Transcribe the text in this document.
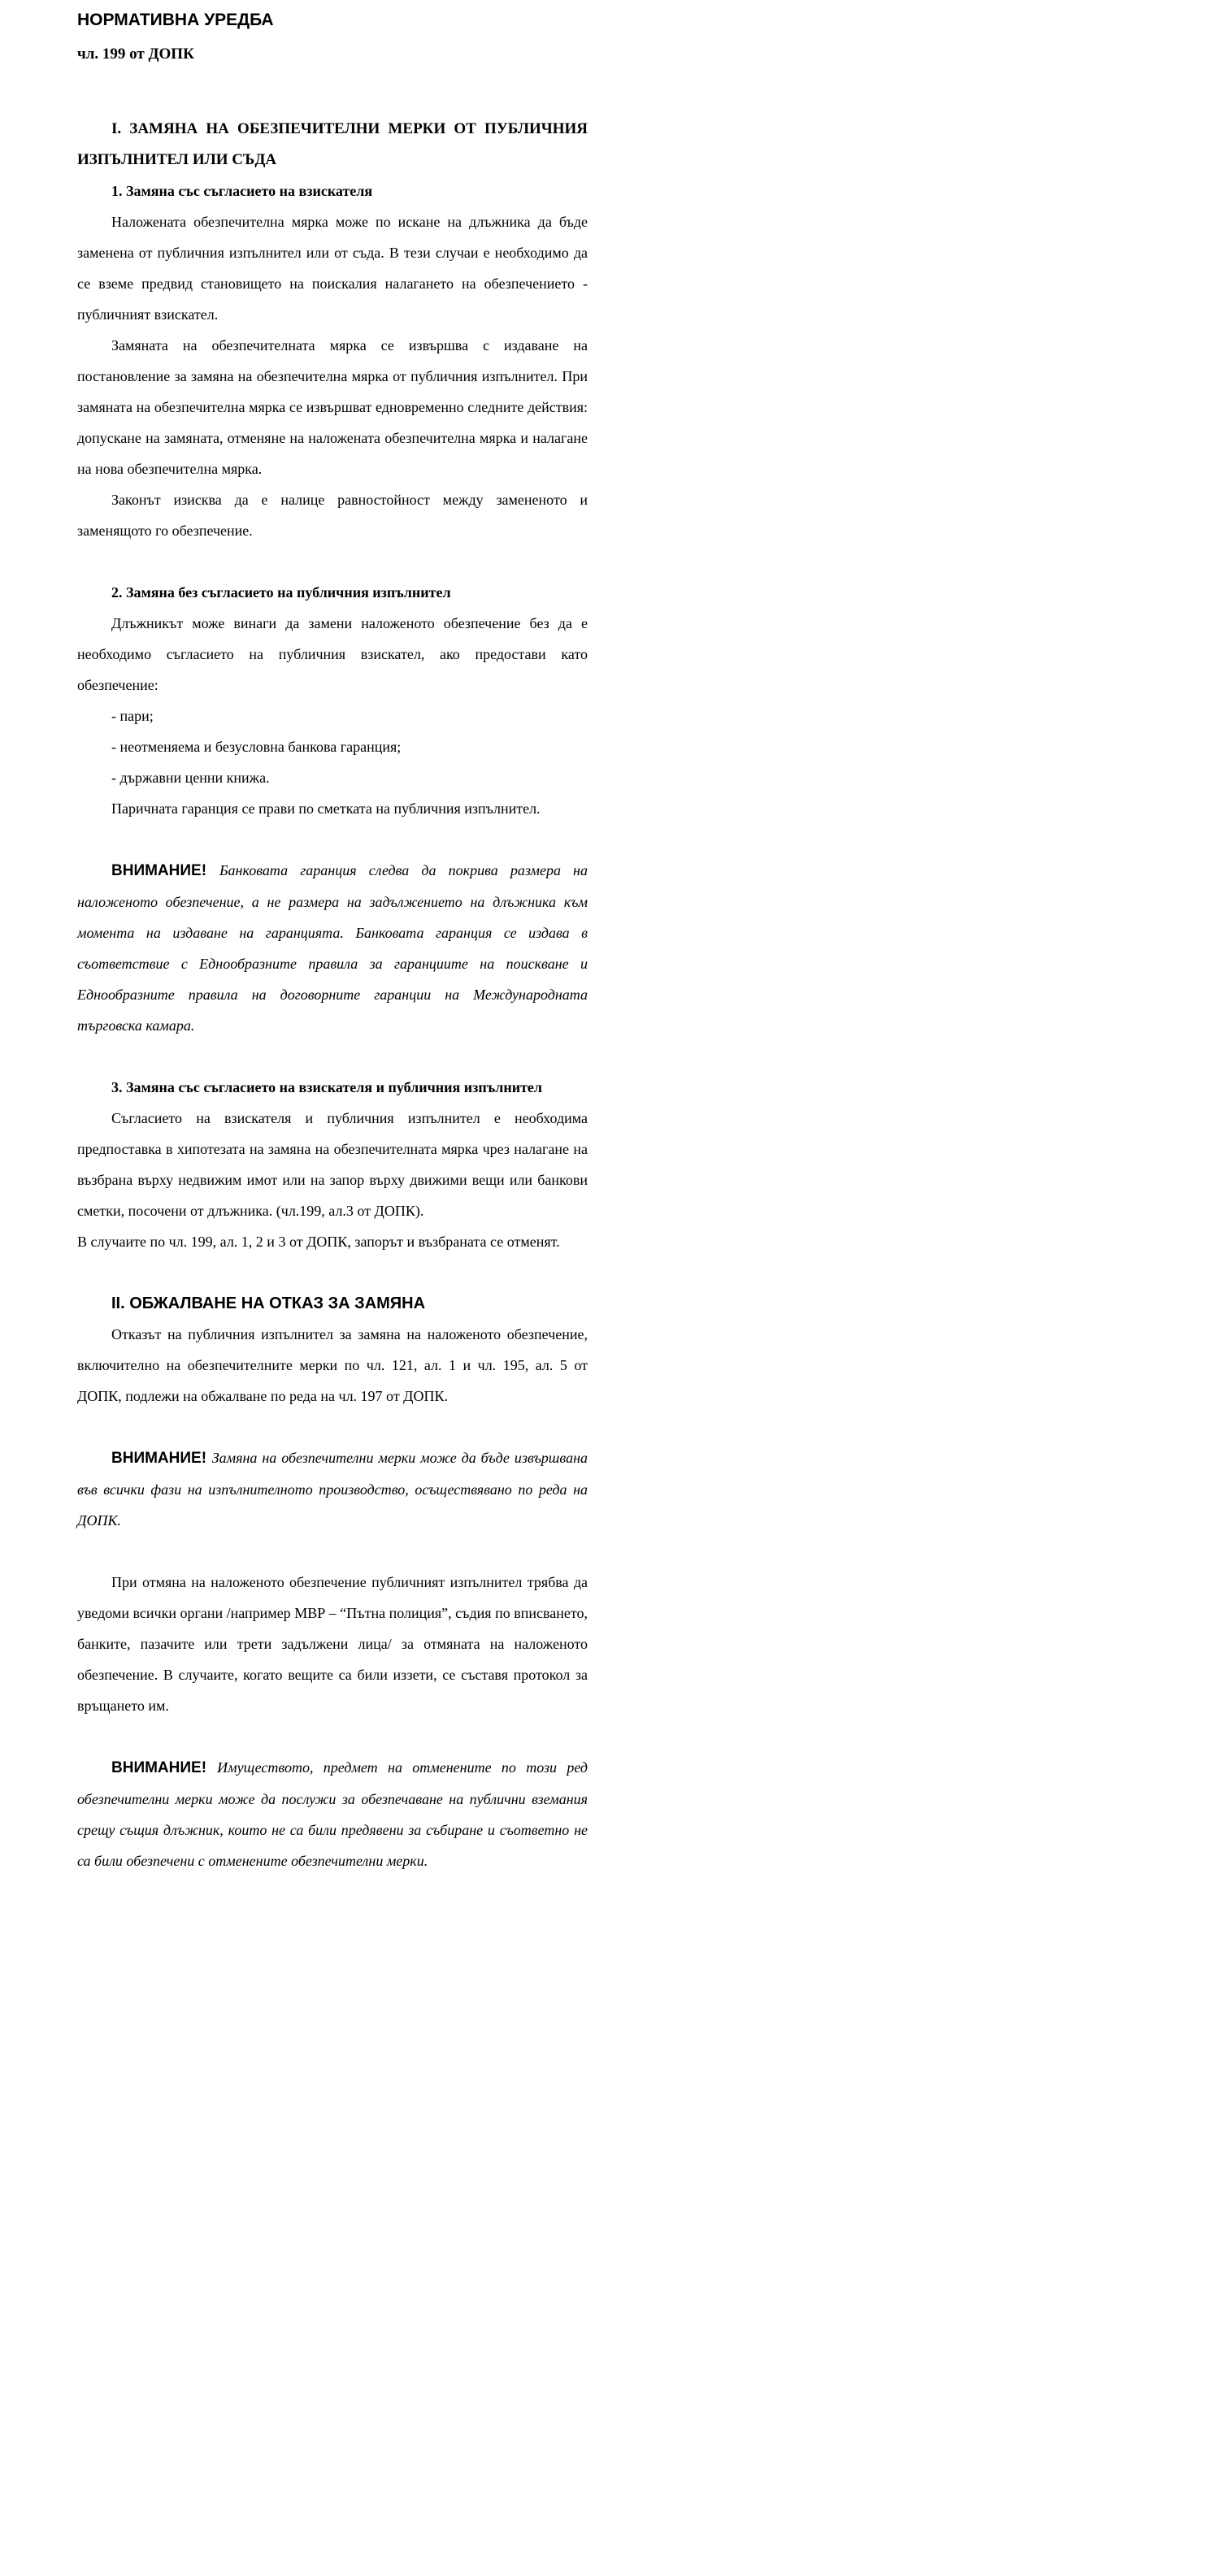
НОРМАТИВНА УРЕДБА
чл. 199 от ДОПК
I. ЗАМЯНА НА ОБЕЗПЕЧИТЕЛНИ МЕРКИ ОТ ПУБЛИЧНИЯ ИЗПЪЛНИТЕЛ ИЛИ СЪДА
1. Замяна със съгласието на взискателя

Наложената обезпечителна мярка може по искане на длъжника да бъде заменена от публичния изпълнител или от съда. В тези случаи е необходимо да се вземе предвид становището на поискалия налагането на обезпечението - публичният взискател.

Замяната на обезпечителната мярка се извършва с издаване на постановление за замяна на обезпечителна мярка от публичния изпълнител. При замяната на обезпечителна мярка се извършват едновременно следните действия: допускане на замяната, отменяне на наложената обезпечителна мярка и налагане на нова обезпечителна мярка.

Законът изисква да е налице равностойност между замененото и заменящото го обезпечение.

2. Замяна без съгласието на публичния изпълнител

Длъжникът може винаги да замени наложеното обезпечение без да е необходимо съгласието на публичния взискател, ако предостави като обезпечение:

- пари;

- неотменяема и безусловна банкова гаранция;

- държавни ценни книжа.

Паричната гаранция се прави по сметката на публичния изпълнител.

ВНИМАНИЕ! Банковата гаранция следва да покрива размера на наложеното обезпечение, а не размера на задължението на длъжника към момента на издаване на гаранцията. Банковата гаранция се издава в съответствие с Еднообразните правила за гаранциите на поискване и Еднообразните правила на договорните гаранции на Международната търговска камара.

3. Замяна със съгласието на взискателя и публичния изпълнител

Съгласието на взискателя и публичния изпълнител е необходима предпоставка в хипотезата на замяна на обезпечителната мярка чрез налагане на възбрана върху недвижим имот или на запор върху движими вещи или банкови сметки, посочени от длъжника. (чл.199, ал.3 от ДОПК).

В случаите по чл. 199, ал. 1, 2 и 3 от ДОПК, запорът и възбраната се отменят.

II. ОБЖАЛВАНЕ НА ОТКАЗ ЗА ЗАМЯНА

Отказът на публичния изпълнител за замяна на наложеното обезпечение, включително на обезпечителните мерки по чл. 121, ал. 1 и чл. 195, ал. 5 от ДОПК, подлежи на обжалване по реда на чл. 197 от ДОПК.

ВНИМАНИЕ! Замяна на обезпечителни мерки може да бъде извършвана във всички фази на изпълнителното производство, осъществявано по реда на ДОПК.

При отмяна на наложеното обезпечение публичният изпълнител трябва да уведоми всички органи /например МВР – “Пътна полиция”, съдия по вписването, банките, пазачите или трети задължени лица/ за отмяната на наложеното обезпечение. В случаите, когато вещите са били иззети, се съставя протокол за връщането им.

ВНИМАНИЕ! Имуществото, предмет на отменените по този ред обезпечителни мерки може да послужи за обезпечаване на публични вземания срещу същия длъжник, които не са били предявени за събиране и съответно не са били обезпечени с отменените обезпечителни мерки.
